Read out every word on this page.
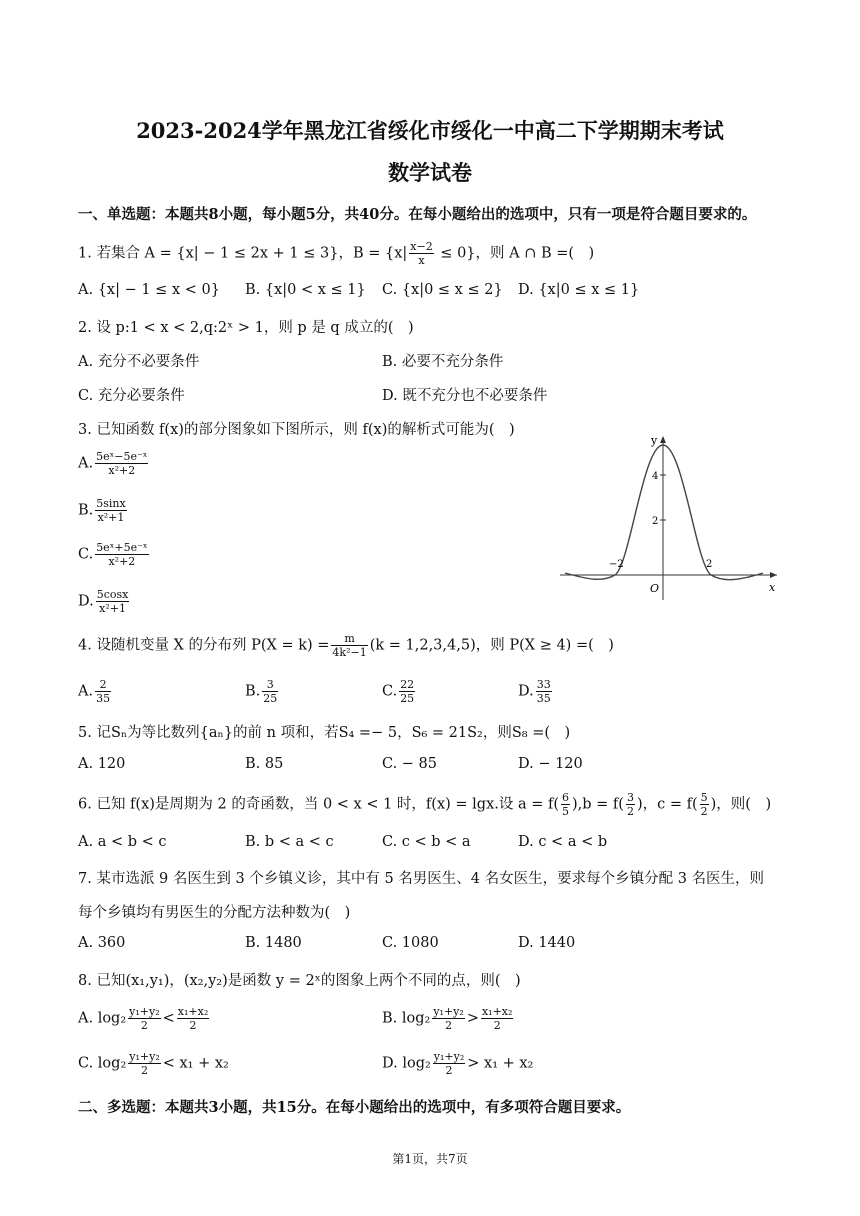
2023-2024学年黑龙江省绥化市绥化一中高二下学期期末考试
数学试卷
一、单选题：本题共8小题，每小题5分，共40分。在每小题给出的选项中，只有一项是符合题目要求的。
1. 若集合 A = {x| − 1 ≤ 2x + 1 ≤ 3}，$B = \{x| \frac{x-2}{x} \le 0\}$，则 A ∩ B =(　)
A. {x| − 1 ≤ x < 0} B. {x|0 < x ≤ 1} C. {x|0 ≤ x ≤ 2} D. {x|0 ≤ x ≤ 1}
2. 设 p:1 < x < 2,q:2ˣ > 1，则 p 是 q 成立的(　)
A. 充分不必要条件	B. 必要不充分条件
C. 充分必要条件	D. 既不充分也不必要条件
3. 已知函数 f(x)的部分图象如下图所示，则 f(x)的解析式可能为(　)
A. $\frac{\text{5eˣ−5e⁻ˣ}}{\text{x²+2}}$
B. $\frac{5\sin x}{\text{x²+1}}$
C. $\frac{\text{5eˣ+5e⁻ˣ}}{\text{x²+2}}$
D. $\frac{5\cos x}{\text{x²+1}}$
y
x
O
4
2
−2	2
4. 设随机变量 X 的分布列 $P(X = k) = \frac{m}{\text{4k²−1}} (k = 1,2,3,4,5)$，则 P(X ≥ 4) =(　)
A. $\frac{2}{35}$	B. $\frac{3}{25}$	C. $\frac{22}{25}$	D. $\frac{33}{35}$
5. 记Sₙ为等比数列{aₙ}的前 n 项和，若S₄ =− 5，S₆ = 21S₂，则S₈ =(　)
A. 120	B. 85	C. − 85	D. − 120
6. 已知 f(x)是周期为 2 的奇函数，当 0 < x < 1 时，f(x) = lgx.设 $a = f( \frac{6}{5} ),b = f( \frac{3}{2}$ )，$c = f( \frac{5}{2}$ )，则(　)
A. a < b < c	B. b < a < c	C. c < b < a	D. c < a < b
7. 某市选派 9 名医生到 3 个乡镇义诊，其中有 5 名男医生、4 名女医生，要求每个乡镇分配 3 名医生，则
每个乡镇均有男医生的分配方法种数为(　)
A. 360	B. 1480	C. 1080	D. 1440
8. 已知(x₁,y₁)，(x₂,y₂)是函数 y = 2ˣ的图象上两个不同的点，则(　)
A. $\log_2 \frac{\text{y₁+y₂}}{2} < \frac{\text{x₁+x₂}}{2}$	B. $\log_2 \frac{\text{y₁+y₂}}{2} > \frac{\text{x₁+x₂}}{2}$
C. $\log_2 \frac{\text{y₁+y₂}}{2} < x_1 + x_2$	D. $\log_2 \frac{\text{y₁+y₂}}{2} > x_1 + x_2$
二、多选题：本题共3小题，共15分。在每小题给出的选项中，有多项符合题目要求。
第1页，共7页
